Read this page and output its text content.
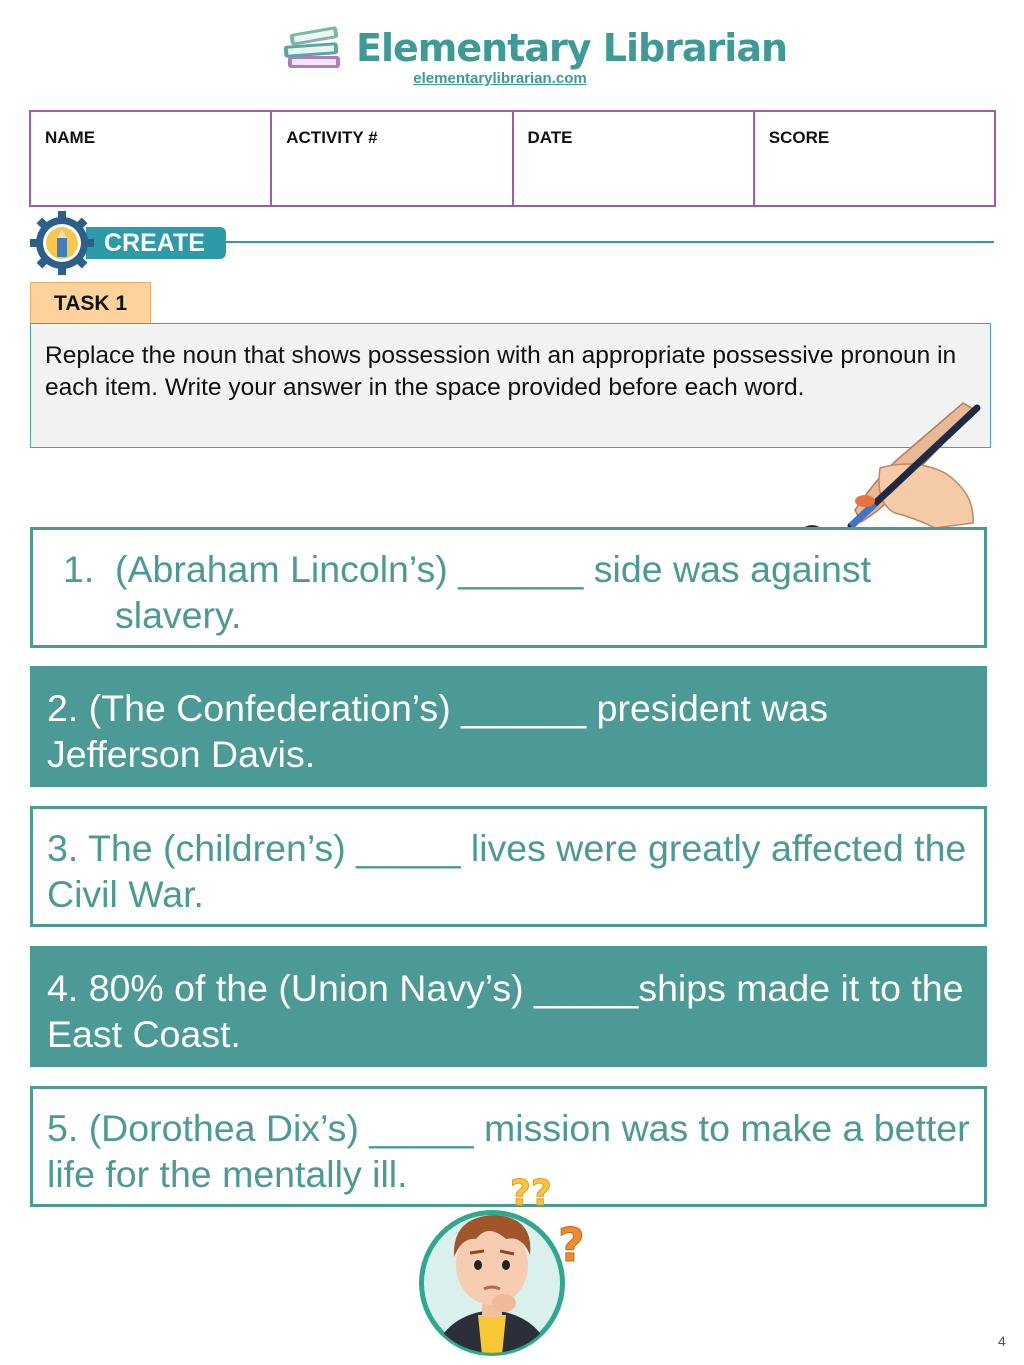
Elementary Librarian
elementarylibrarian.com
NAME	ACTIVITY #	DATE	SCORE
CREATE
TASK 1
Replace the noun that shows possession with an appropriate possessive pronoun in each item. Write your answer in the space provided before each word.
1. (Abraham Lincoln’s) ______ side was against
slavery.
2. (The Confederation’s) ______ president was Jefferson Davis.
3. The (children’s) _____ lives were greatly affected the Civil War.
4. 80% of the (Union Navy’s) _____ships made it to the East Coast.
5. (Dorothea Dix’s) _____ mission was to make a better life for the mentally ill.	??
?
4
